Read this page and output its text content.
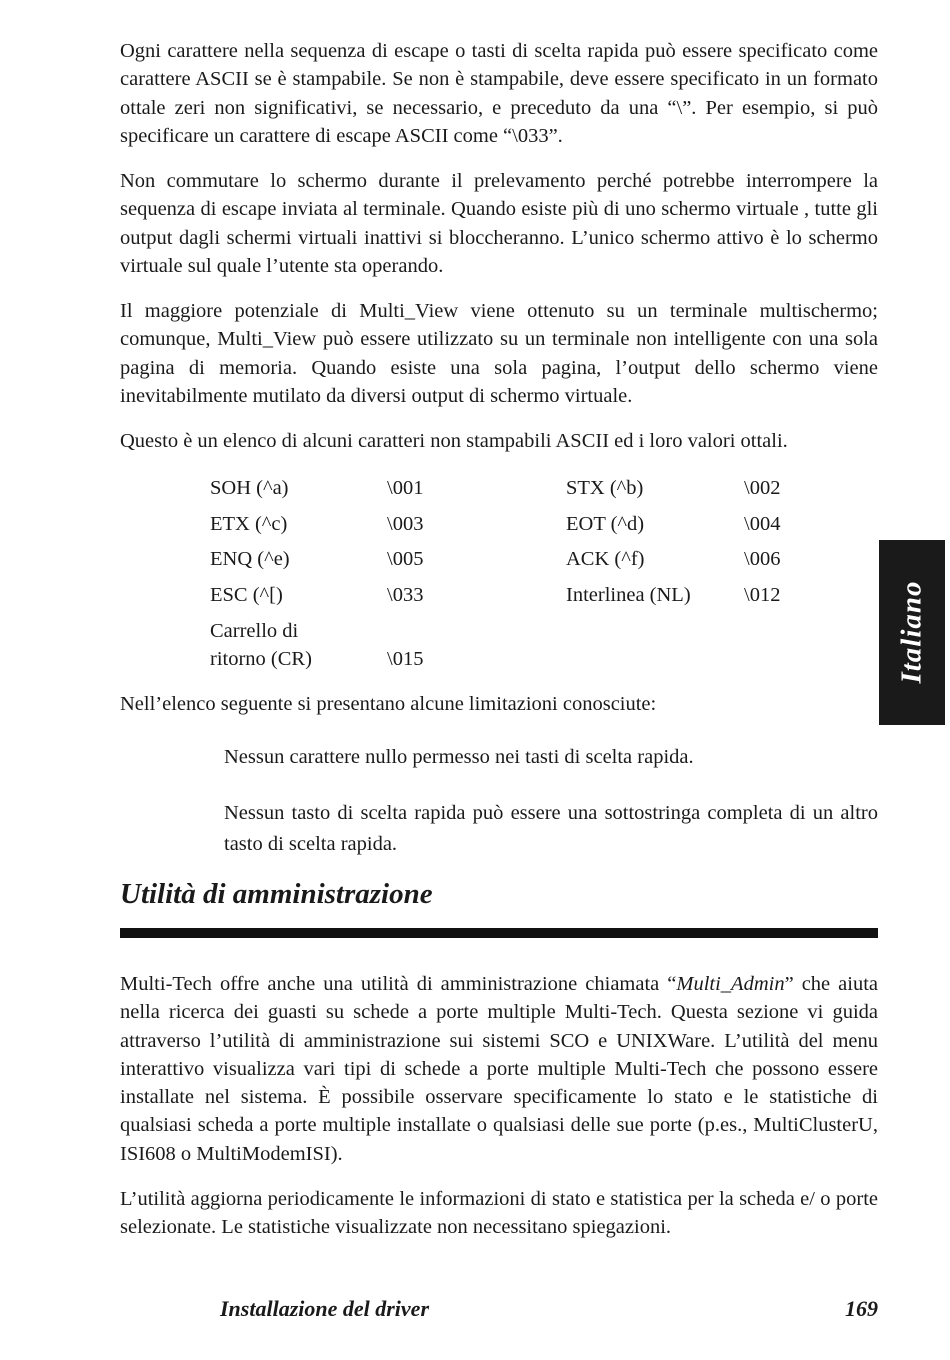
Ogni carattere nella sequenza di escape o tasti di scelta rapida può essere specificato come carattere ASCII se è stampabile. Se non è stampabile, deve essere specificato in un formato ottale zeri non significativi, se necessario, e preceduto da una “\”. Per esempio, si può specificare un carattere di escape ASCII come “\033”.

Non commutare lo schermo durante il prelevamento perché potrebbe interrompere la sequenza di escape inviata al terminale. Quando esiste più di uno schermo virtuale , tutte gli output dagli schermi virtuali inattivi si bloccheranno. L’unico schermo attivo è lo schermo virtuale sul quale l’utente sta operando.

Il maggiore potenziale di Multi_View viene ottenuto su un terminale multischermo; comunque, Multi_View può essere utilizzato su un terminale non intelligente con una sola pagina di memoria. Quando esiste una sola pagina, l’output dello schermo viene inevitabilmente mutilato da diversi output di schermo virtuale.

Questo è un elenco di alcuni caratteri non stampabili ASCII ed i loro valori ottali.

SOH (^a)	\001	STX (^b)	\002
ETX (^c)	\003	EOT (^d)	\004
ENQ (^e)	\005	ACK (^f)	\006
ESC (^[)	\033	Interlinea (NL)	\012
Carrello di
ritorno (CR)	\015

Nell’elenco seguente si presentano alcune limitazioni conosciute:

Nessun carattere nullo permesso nei tasti di scelta rapida.

Nessun tasto di scelta rapida può essere una sottostringa completa di un altro tasto di scelta rapida.

Utilità di amministrazione

Multi-Tech offre anche una utilità di amministrazione chiamata “Multi_Admin” che aiuta nella ricerca dei guasti su schede a porte multiple Multi-Tech. Questa sezione vi guida attraverso l’utilità di amministrazione sui sistemi SCO e UNIXWare. L’utilità del menu interattivo visualizza vari tipi di schede a porte multiple Multi-Tech che possono essere installate nel sistema. È possibile osservare specificamente lo stato e le statistiche di qualsiasi scheda a porte multiple installate o qualsiasi delle sue porte (p.es., MultiClusterU, ISI608 o MultiModemISI).

L’utilità aggiorna periodicamente le informazioni di stato e statistica per la scheda e/ o porte selezionate. Le statistiche visualizzate non necessitano spiegazioni.

Italiano
Installazione del driver	169
